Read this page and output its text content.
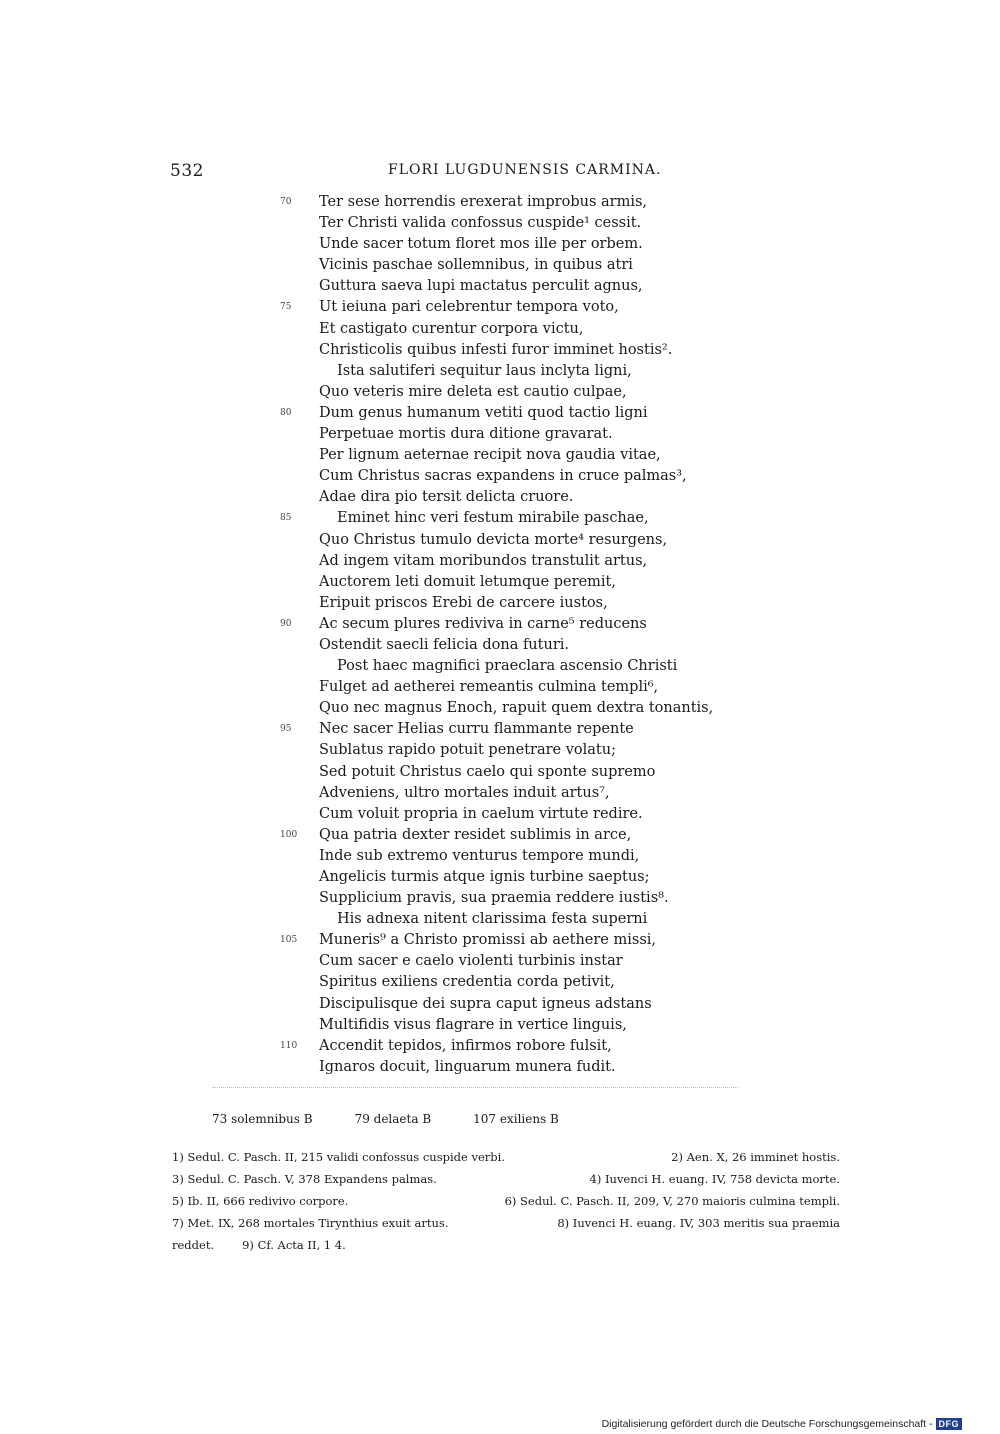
532	FLORI LUGDUNENSIS CARMINA.
70	Ter sese horrendis erexerat improbus armis,
Ter Christi valida confossus cuspide¹ cessit.
Unde sacer totum floret mos ille per orbem.
Vicinis paschae sollemnibus, in quibus atri
Guttura saeva lupi mactatus perculit agnus,
75	Ut ieiuna pari celebrentur tempora voto,
Et castigato curentur corpora victu,
Christicolis quibus infesti furor imminet hostis².
Ista salutiferi sequitur laus inclyta ligni,
Quo veteris mire deleta est cautio culpae,
80	Dum genus humanum vetiti quod tactio ligni
Perpetuae mortis dura ditione gravarat.
Per lignum aeternae recipit nova gaudia vitae,
Cum Christus sacras expandens in cruce palmas³,
Adae dira pio tersit delicta cruore.
85	Eminet hinc veri festum mirabile paschae,
Quo Christus tumulo devicta morte⁴ resurgens,
Ad ingem vitam moribundos transtulit artus,
Auctorem leti domuit letumque peremit,
Eripuit priscos Erebi de carcere iustos,
90	Ac secum plures rediviva in carne⁵ reducens
Ostendit saecli felicia dona futuri.
Post haec magnifici praeclara ascensio Christi
Fulget ad aetherei remeantis culmina templi⁶,
Quo nec magnus Enoch, rapuit quem dextra tonantis,
95	Nec sacer Helias curru flammante repente
Sublatus rapido potuit penetrare volatu;
Sed potuit Christus caelo qui sponte supremo
Adveniens, ultro mortales induit artus⁷,
Cum voluit propria in caelum virtute redire.
100	Qua patria dexter residet sublimis in arce,
Inde sub extremo venturus tempore mundi,
Angelicis turmis atque ignis turbine saeptus;
Supplicium pravis, sua praemia reddere iustis⁸.
His adnexa nitent clarissima festa superni
105	Muneris⁹ a Christo promissi ab aethere missi,
Cum sacer e caelo violenti turbinis instar
Spiritus exiliens credentia corda petivit,
Discipulisque dei supra caput igneus adstans
Multifidis visus flagrare in vertice linguis,
110	Accendit tepidos, infirmos robore fulsit,
Ignaros docuit, linguarum munera fudit.
73 solemnibus B	79 delaeta B	107 exiliens B
1) Sedul. C. Pasch. II, 215 validi confossus cuspide verbi.	2) Aen. X, 26 imminet hostis.
3) Sedul. C. Pasch. V, 378 Expandens palmas.	4) Iuvenci H. euang. IV, 758 devicta morte.
5) Ib. II, 666 redivivo corpore.	6) Sedul. C. Pasch. II, 209, V, 270 maioris culmina templi.
7) Met. IX, 268 mortales Tirynthius exuit artus.	8) Iuvenci H. euang. IV, 303 meritis sua praemia
reddet. 9) Cf. Acta II, 1 4.
Digitalisierung gefördert durch die Deutsche Forschungsgemeinschaft - DFG
